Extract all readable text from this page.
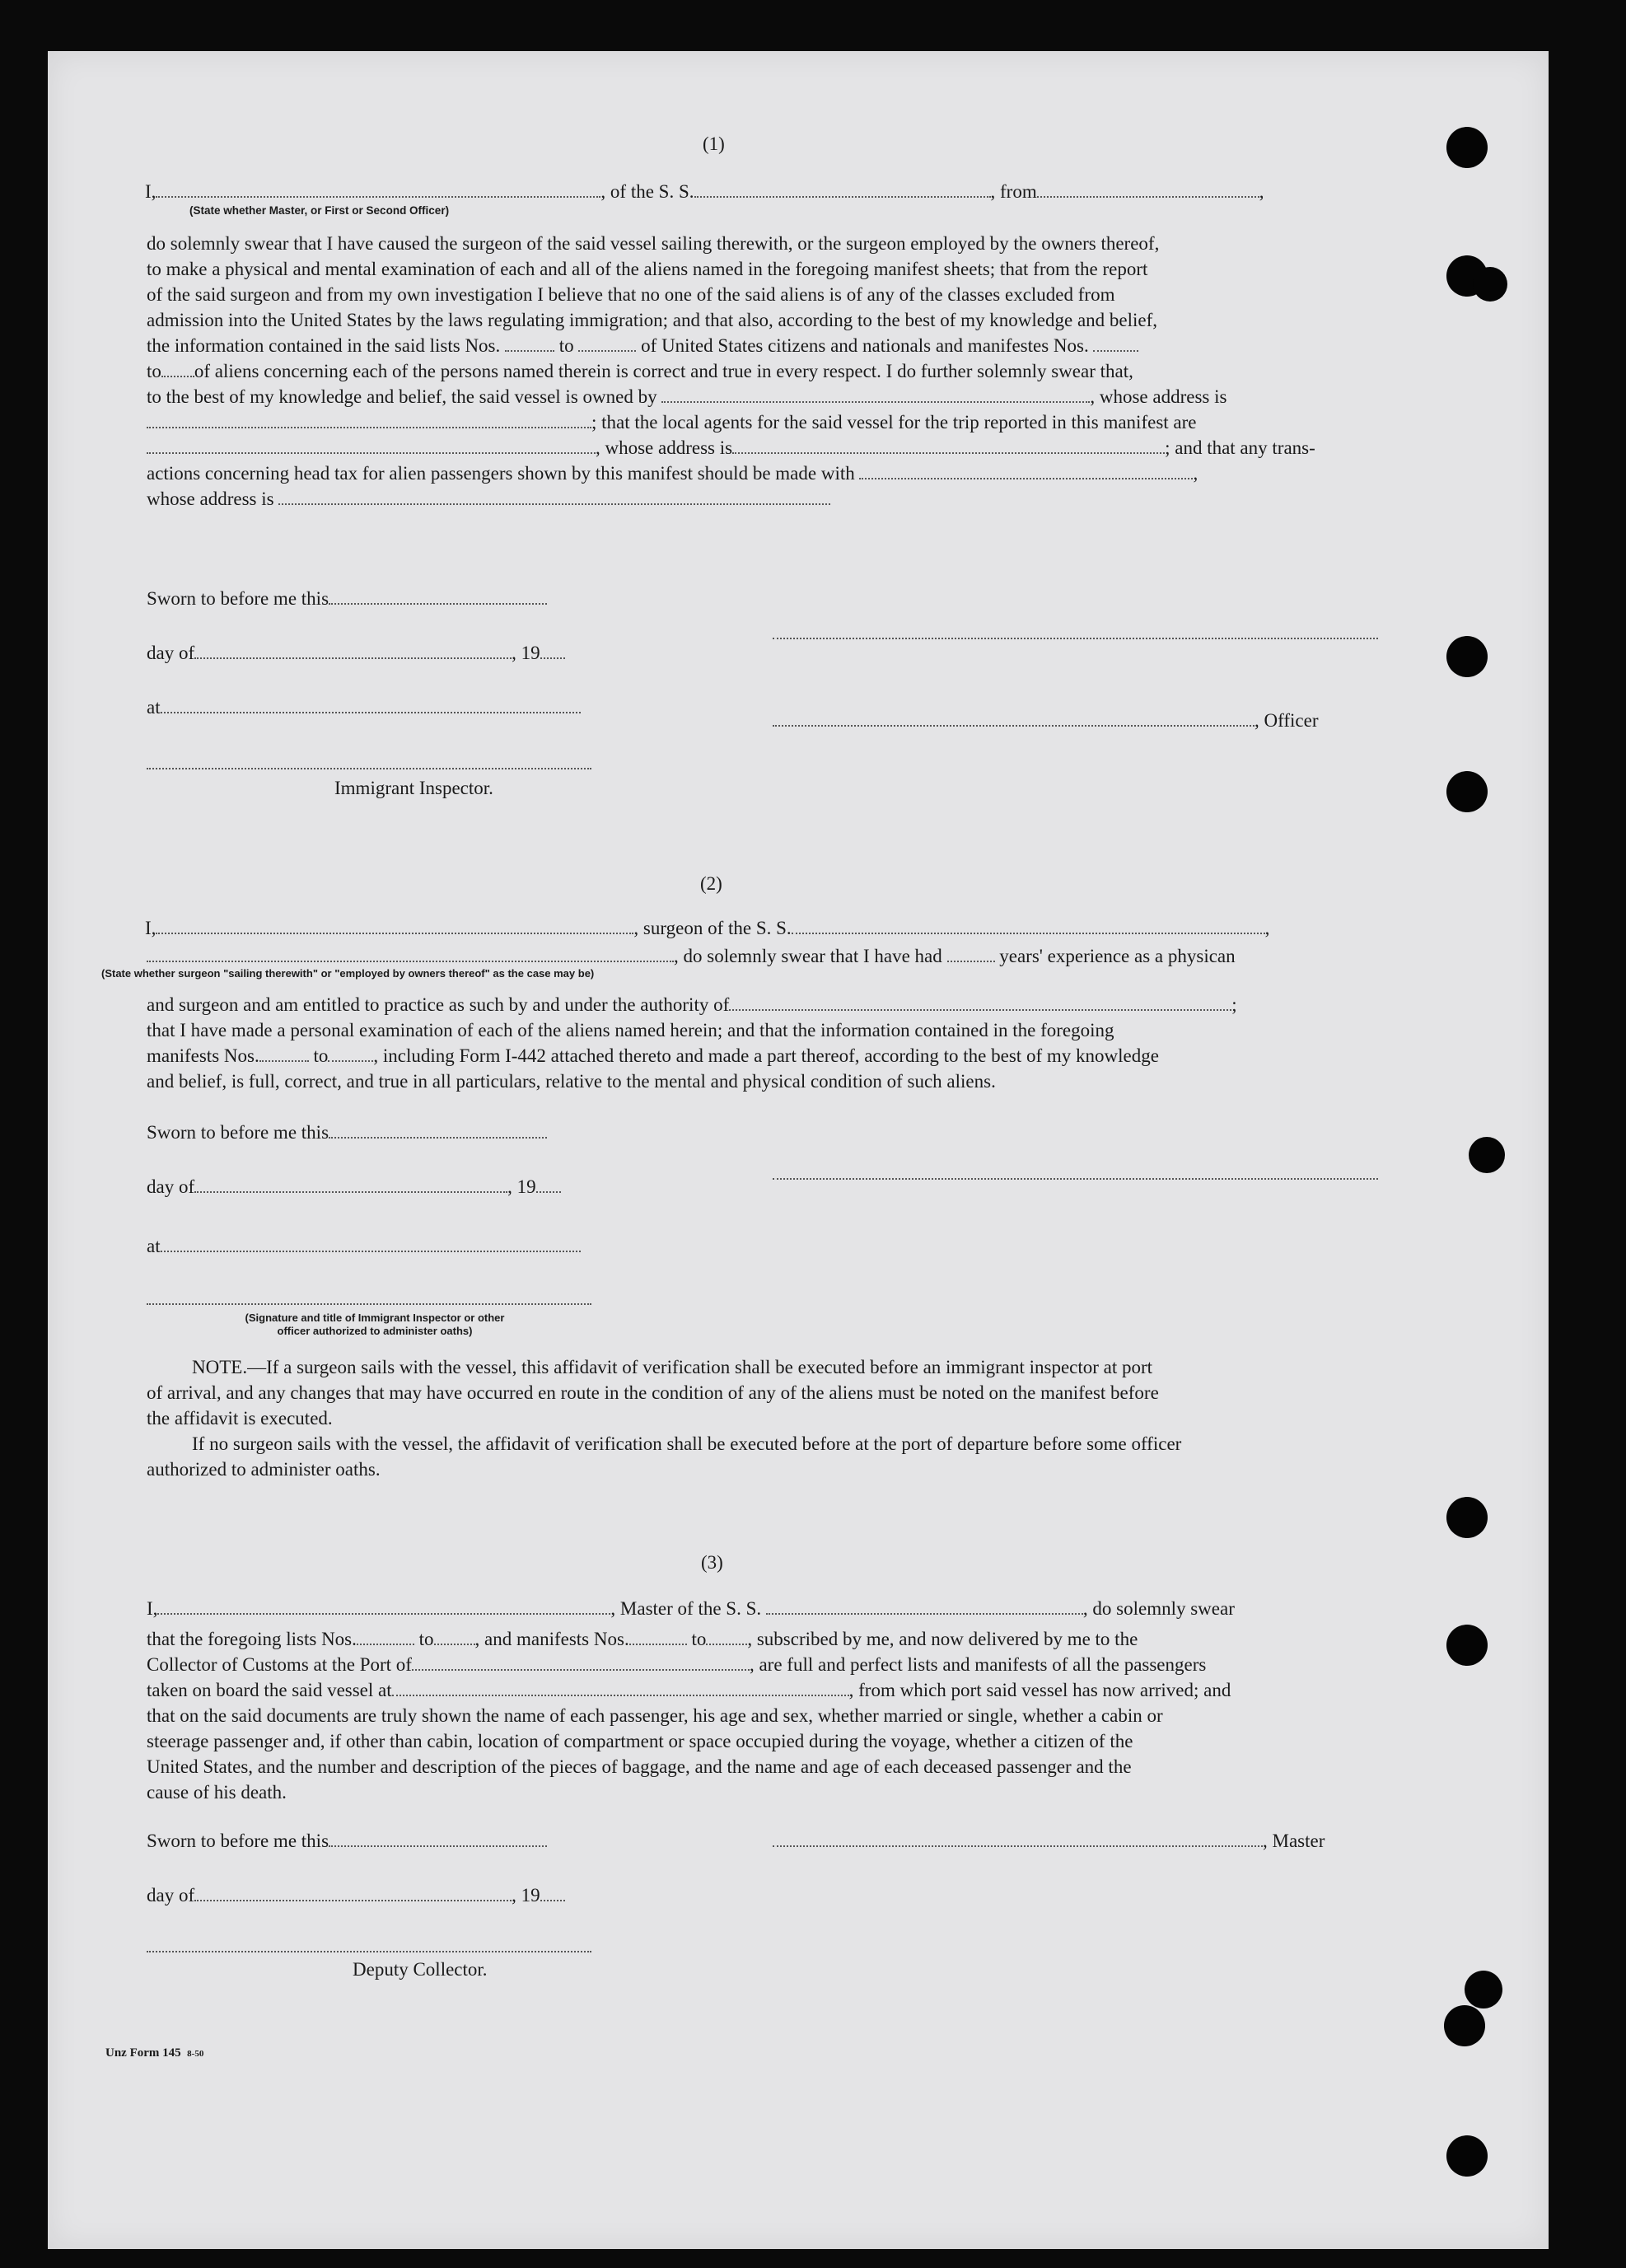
(1)
I,	, of the S. S.	, from	,
(State whether Master, or First or Second Officer)
do solemnly swear that I have caused the surgeon of the said vessel sailing therewith, or the surgeon employed by the owners thereof,
to make a physical and mental examination of each and all of the aliens named in the foregoing manifest sheets; that from the report
of the said surgeon and from my own investigation I believe that no one of the said aliens is of any of the classes excluded from
admission into the United States by the laws regulating immigration; and that also, according to the best of my knowledge and belief,
the information contained in the said lists Nos.	to	of United States citizens and nationals and manifestes Nos.
to of aliens concerning each of the persons named therein is correct and true in every respect. I do further solemnly swear that,
to the best of my knowledge and belief, the said vessel is owned by	, whose address is
; that the local agents for the said vessel for the trip reported in this manifest are
, whose address is	; and that any trans-
actions concerning head tax for alien passengers shown by this manifest should be made with	,
whose address is
Sworn to before me this
day of	, 19
at
, Officer
Immigrant Inspector.
(2)
I,	, surgeon of the S. S.	,
, do solemnly swear that I have had	years' experience as a physican
(State whether surgeon "sailing therewith" or "employed by owners thereof" as the case may be)
and surgeon and am entitled to practice as such by and under the authority of	;
that I have made a personal examination of each of the aliens named herein; and that the information contained in the foregoing
manifests Nos.	to , including Form I-442 attached thereto and made a part thereof, according to the best of my knowledge
and belief, is full, correct, and true in all particulars, relative to the mental and physical condition of such aliens.
Sworn to before me this
day of	, 19
at
(Signature and title of Immigrant Inspector or other
officer authorized to administer oaths)
NOTE.—If a surgeon sails with the vessel, this affidavit of verification shall be executed before an immigrant inspector at port
of arrival, and any changes that may have occurred en route in the condition of any of the aliens must be noted on the manifest before
the affidavit is executed.
If no surgeon sails with the vessel, the affidavit of verification shall be executed before at the port of departure before some officer
authorized to administer oaths.
(3)
I,	, Master of the S. S.	, do solemnly swear
that the foregoing lists Nos.	to , and manifests Nos.	to , subscribed by me, and now delivered by me to the
Collector of Customs at the Port of	, are full and perfect lists and manifests of all the passengers
taken on board the said vessel at	, from which port said vessel has now arrived; and
that on the said documents are truly shown the name of each passenger, his age and sex, whether married or single, whether a cabin or
steerage passenger and, if other than cabin, location of compartment or space occupied during the voyage, whether a citizen of the
United States, and the number and description of the pieces of baggage, and the name and age of each deceased passenger and the
cause of his death.
Sworn to before me this	, Master
day of	, 19
Deputy Collector.
Unz Form 145 8-50
